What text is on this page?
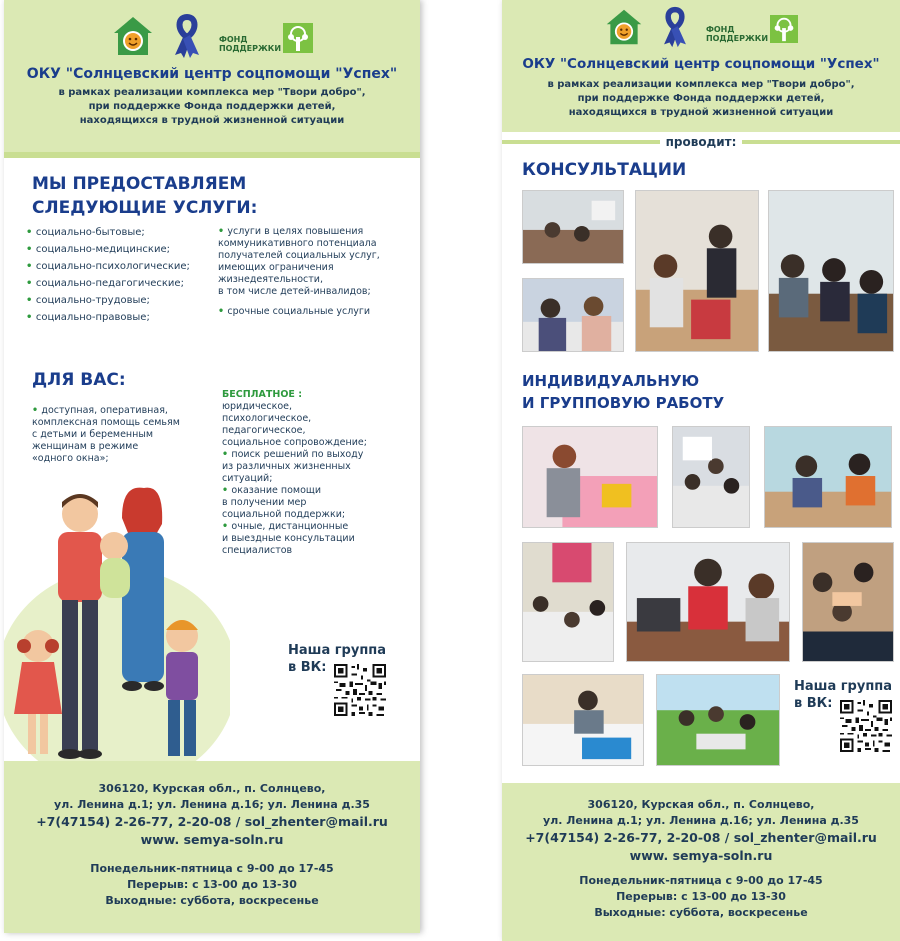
ФОНД
ПОДДЕРЖКИ
ОКУ "Солнцевский центр соцпомощи "Успех"
в рамках реализации комплекса мер "Твори добро",
при поддержке Фонда поддержки детей,
находящихся в трудной жизненной ситуации
МЫ ПРЕДОСТАВЛЯЕМ
СЛЕДУЮЩИЕ УСЛУГИ:
• социально-бытовые;
• социально-медицинские;
• социально-психологические;
• социально-педагогические;
• социально-трудовые;
• социально-правовые;
• услуги в целях повышения
коммуникативного потенциала
получателей социальных услуг,
имеющих ограничения
жизнедеятельности,
в том числе детей-инвалидов;
• срочные социальные услуги
ДЛЯ ВАС:
• доступная, оперативная,
комплексная помощь семьям
с детьми и беременным
женщинам в режиме
«одного окна»;
БЕСПЛАТНОЕ :
юридическое,
психологическое,
педагогическое,
социальное сопровождение;
• поиск решений по выходу
из различных жизненных
ситуаций;
• оказание помощи
в получении мер
социальной поддержки;
• очные, дистанционные
и выездные консультации
специалистов
Наша группа
в ВК:
306120, Курская обл., п. Солнцево,
ул. Ленина д.1; ул. Ленина д.16; ул. Ленина д.35
+7(47154) 2-26-77, 2-20-08 / sol_zhenter@mail.ru
www. semya-soln.ru
Понедельник-пятница с 9-00 до 17-45
Перерыв: с 13-00 до 13-30
Выходные: суббота, воскресенье
ФОНД
ПОДДЕРЖКИ
ОКУ "Солнцевский центр соцпомощи "Успех"
в рамках реализации комплекса мер "Твори добро",
при поддержке Фонда поддержки детей,
находящихся в трудной жизненной ситуации
проводит:
КОНСУЛЬТАЦИИ
ИНДИВИДУАЛЬНУЮ
И ГРУППОВУЮ РАБОТУ
Наша группа
в ВК:
306120, Курская обл., п. Солнцево,
ул. Ленина д.1; ул. Ленина д.16; ул. Ленина д.35
+7(47154) 2-26-77, 2-20-08 / sol_zhenter@mail.ru
www. semya-soln.ru
Понедельник-пятница с 9-00 до 17-45
Перерыв: с 13-00 до 13-30
Выходные: суббота, воскресенье
